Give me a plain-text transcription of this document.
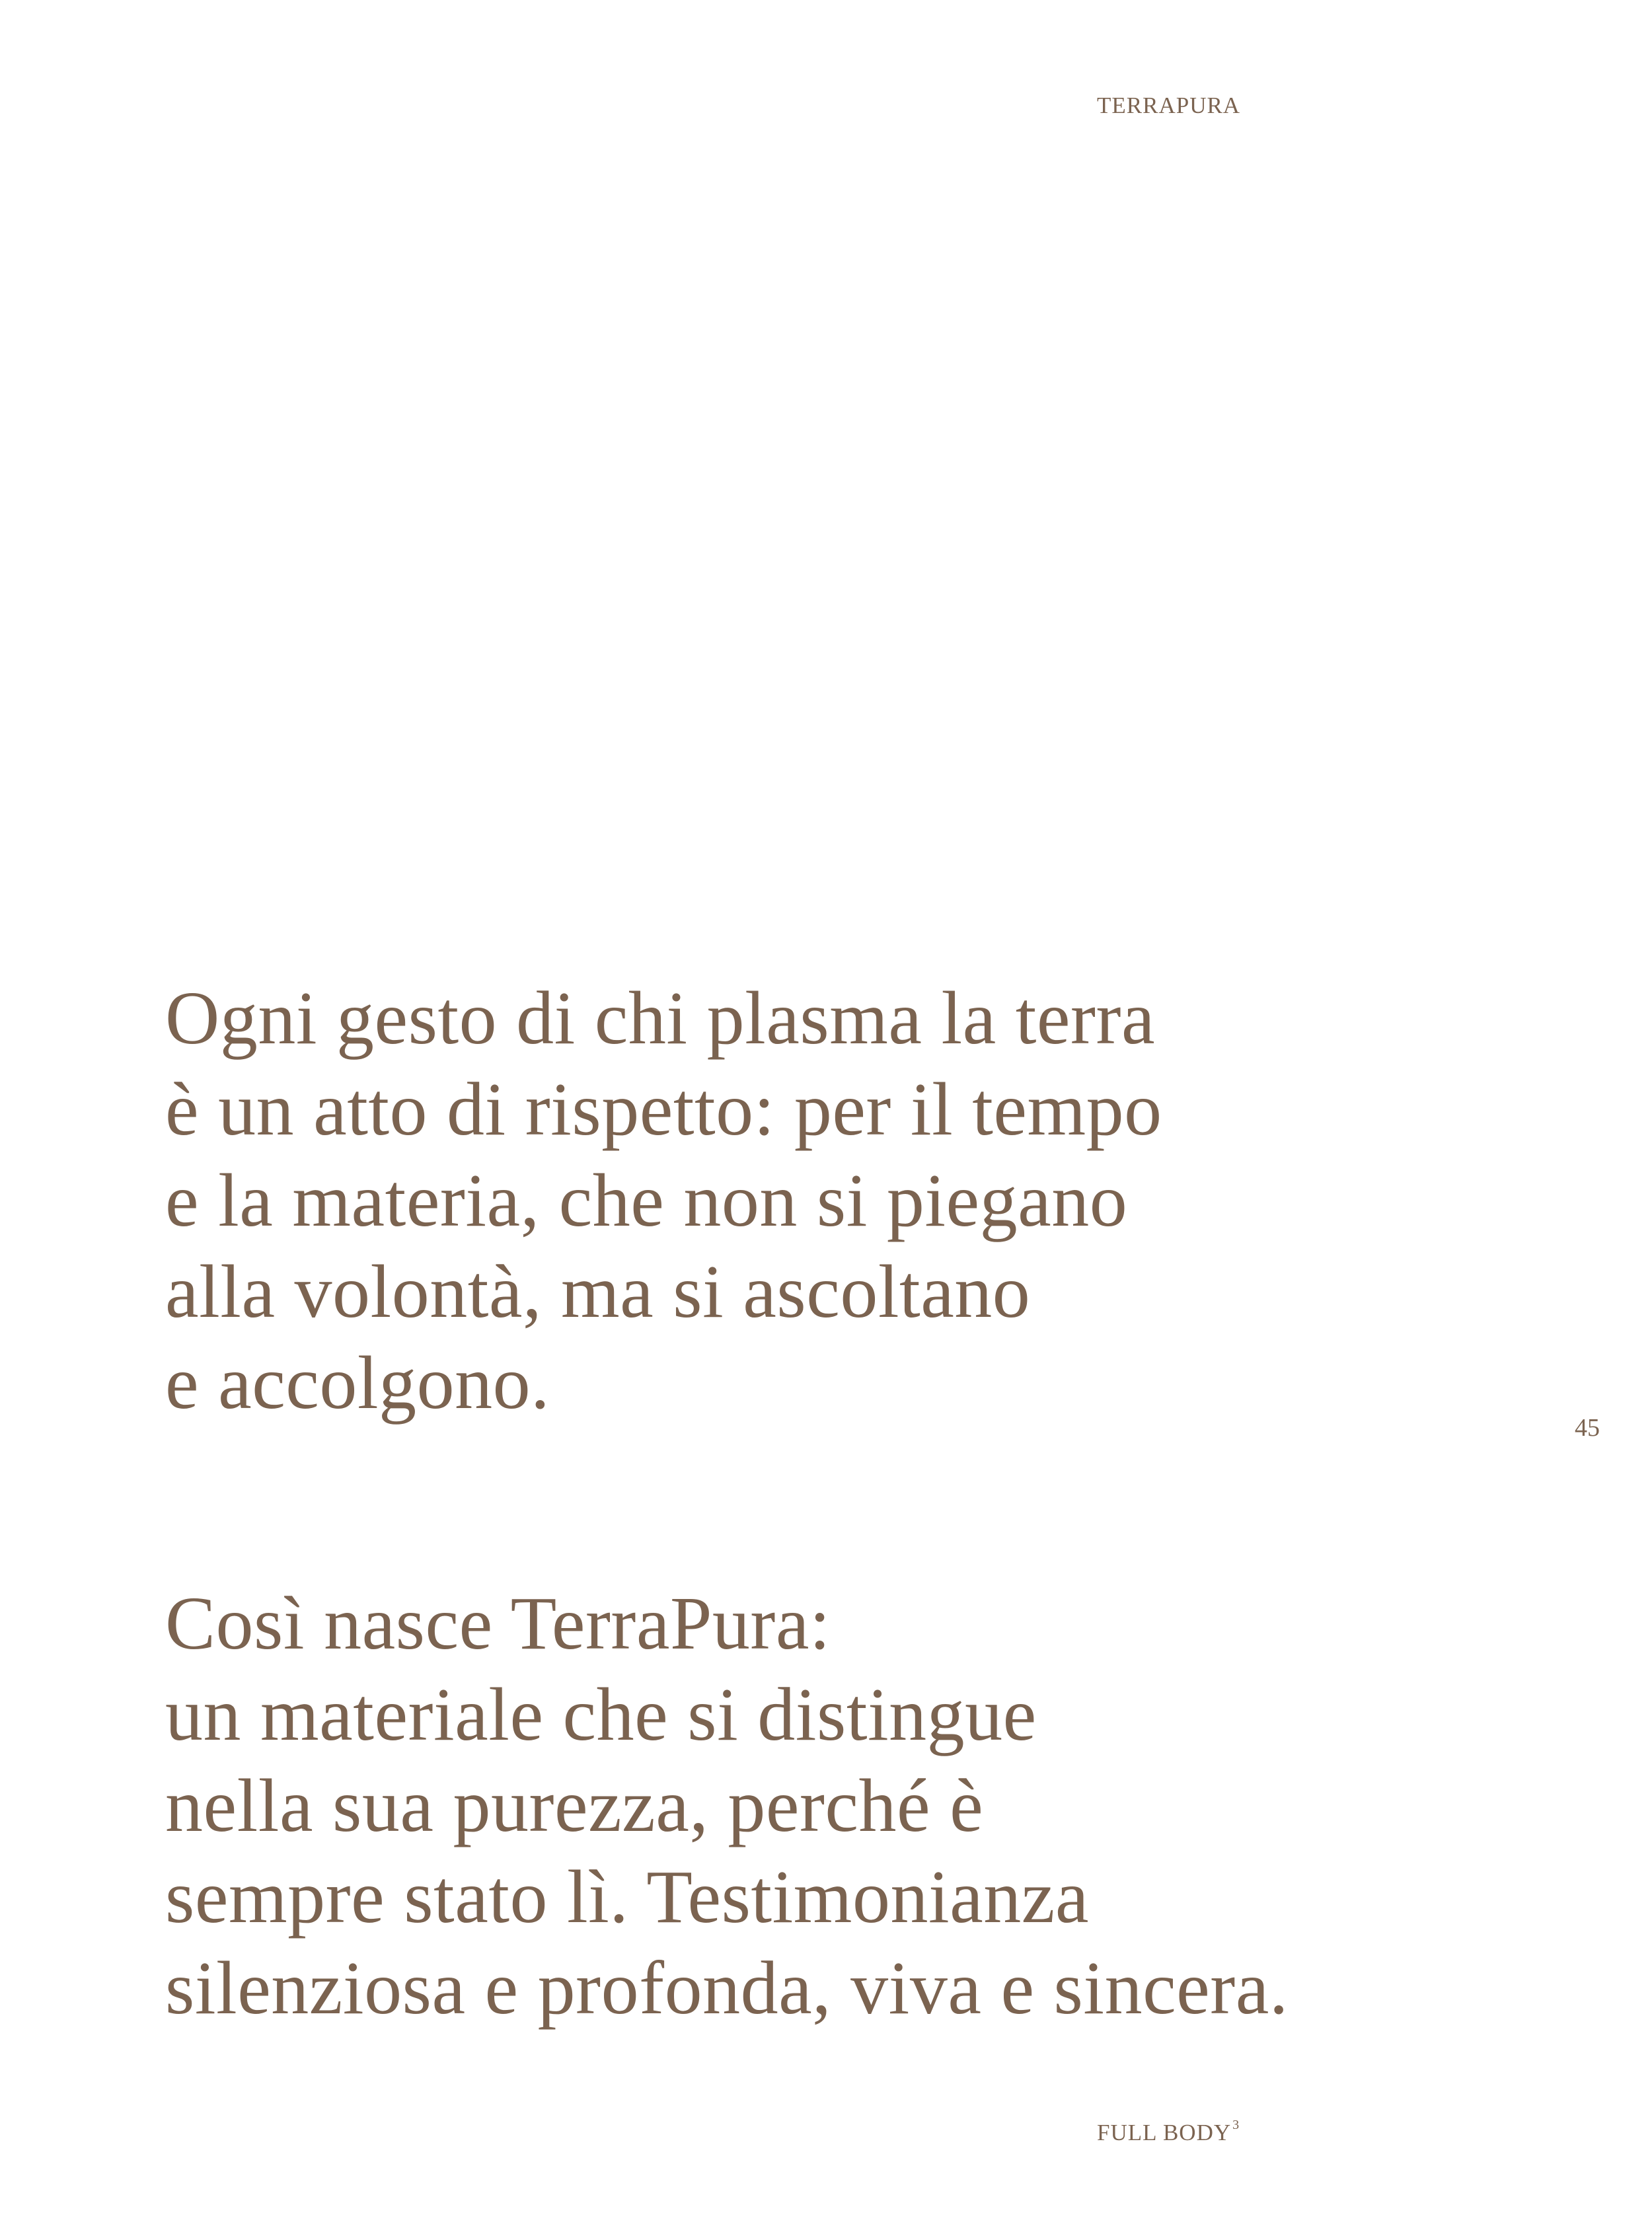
TERRAPURA
Ogni gesto di chi plasma la terra
è un atto di rispetto: per il tempo
e la materia, che non si piegano
alla volontà, ma si ascoltano
e accolgono.
45
Così nasce TerraPura:
un materiale che si distingue
nella sua purezza, perché è
sempre stato lì. Testimonianza
silenziosa e profonda, viva e sincera.
FULL BODY $^3$
